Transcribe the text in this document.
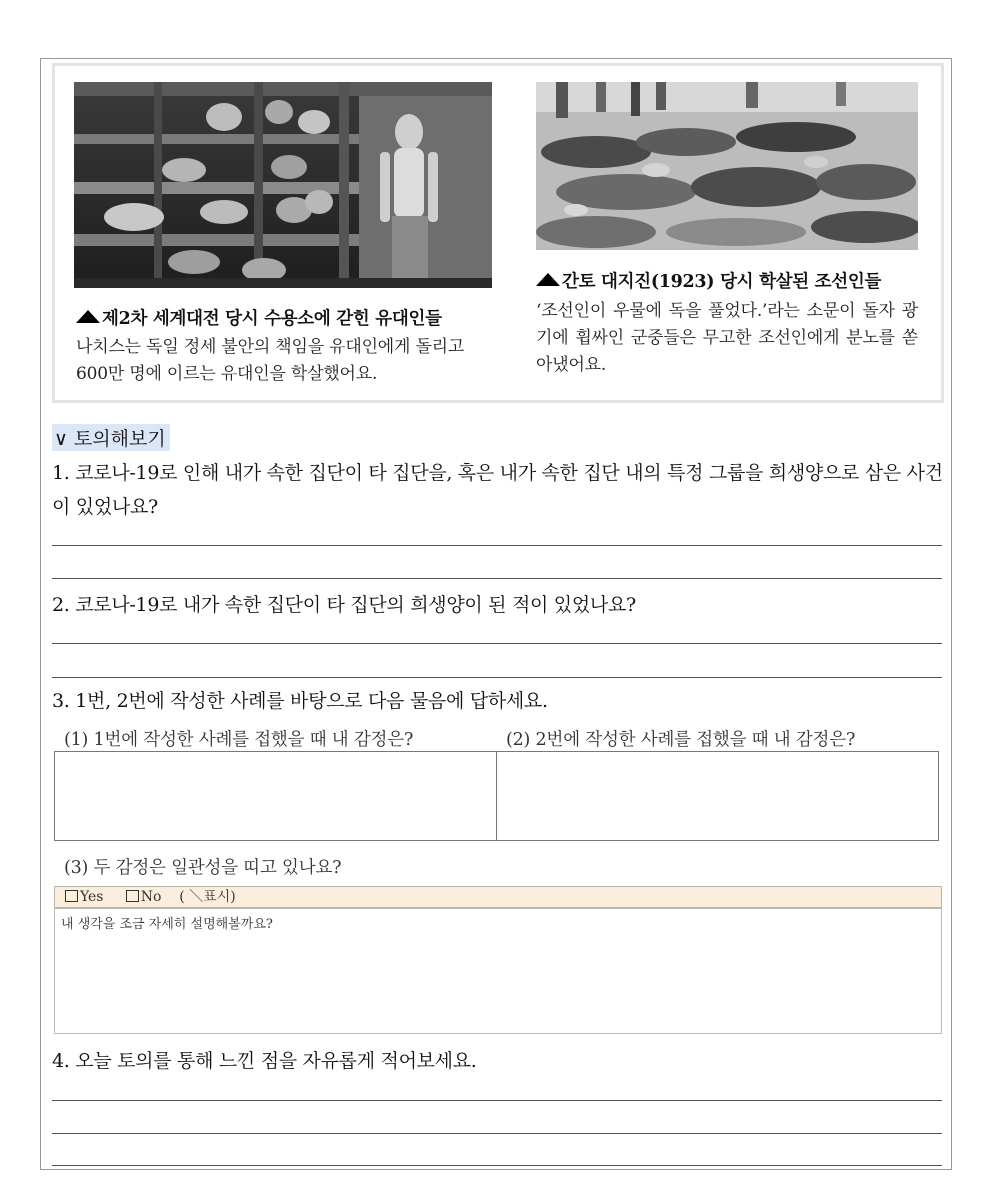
제2차 세계대전 당시 수용소에 갇힌 유대인들
나치스는 독일 정세 불안의 책임을 유대인에게 돌리고 600만 명에 이르는 유대인을 학살했어요.
간토 대지진(1923) 당시 학살된 조선인들
‘조선인이 우물에 독을 풀었다.’라는 소문이 돌자 광기에 휩싸인 군중들은 무고한 조선인에게 분노를 쏟아냈어요.
∨ 토의해보기
1. 코로나-19로 인해 내가 속한 집단이 타 집단을, 혹은 내가 속한 집단 내의 특정 그룹을 희생양으로 삼은 사건이 있었나요?
2. 코로나-19로 내가 속한 집단이 타 집단의 희생양이 된 적이 있었나요?
3. 1번, 2번에 작성한 사례를 바탕으로 다음 물음에 답하세요.
(1) 1번에 작성한 사례를 접했을 때 내 감정은?	(2) 2번에 작성한 사례를 접했을 때 내 감정은?
(3) 두 감정은 일관성을 띠고 있나요?
Yes	No ( ＼표시)
내 생각을 조금 자세히 설명해볼까요?
4. 오늘 토의를 통해 느낀 점을 자유롭게 적어보세요.
